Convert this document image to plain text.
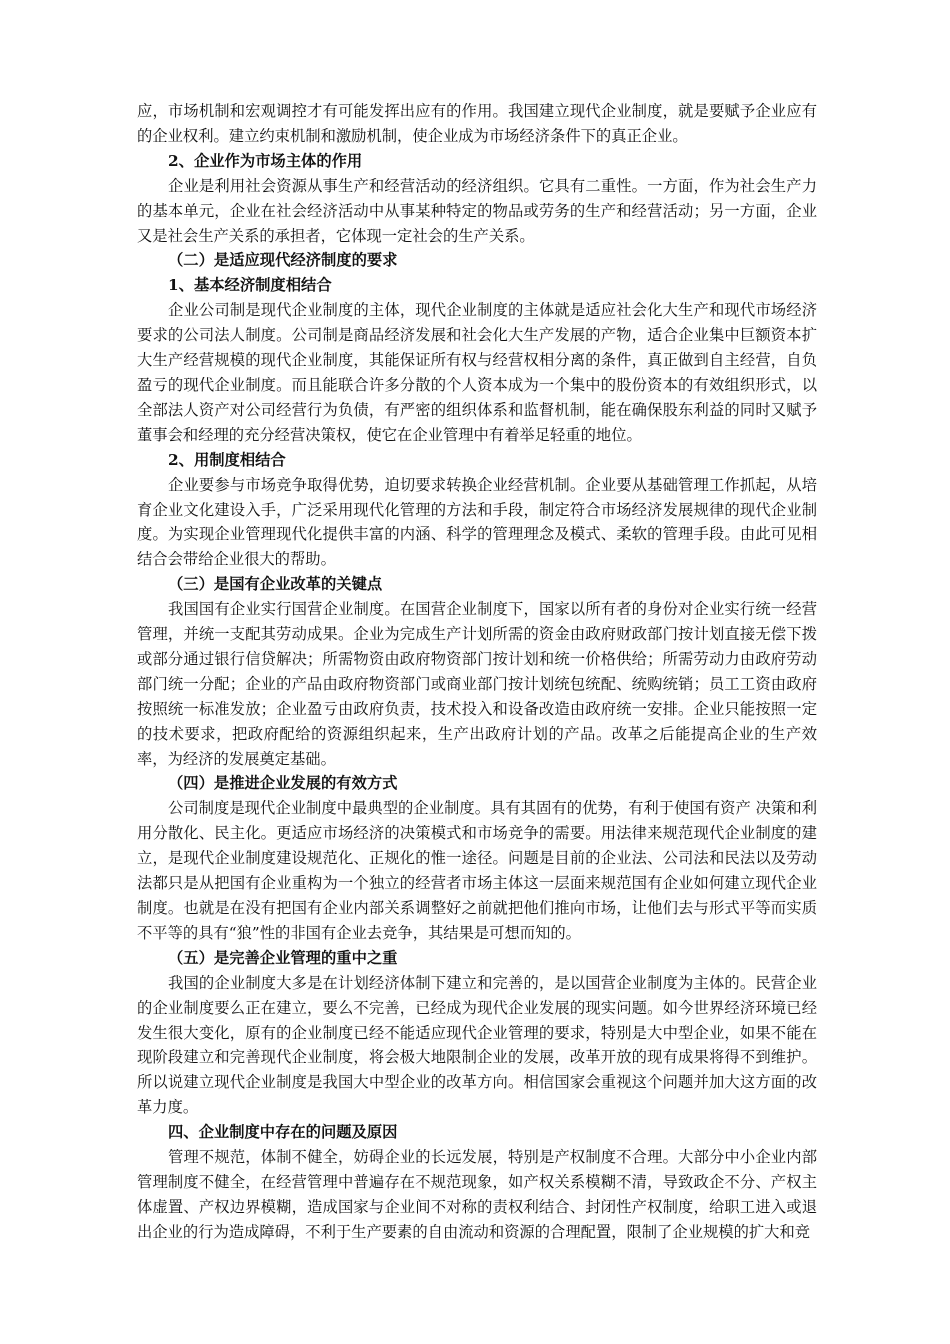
应，市场机制和宏观调控才有可能发挥出应有的作用。我国建立现代企业制度，就是要赋予企业应有的企业权利。建立约束机制和激励机制，使企业成为市场经济条件下的真正企业。

2、企业作为市场主体的作用

企业是利用社会资源从事生产和经营活动的经济组织。它具有二重性。一方面，作为社会生产力的基本单元，企业在社会经济活动中从事某种特定的物品或劳务的生产和经营活动；另一方面，企业又是社会生产关系的承担者，它体现一定社会的生产关系。

（二）是适应现代经济制度的要求

1、基本经济制度相结合

企业公司制是现代企业制度的主体，现代企业制度的主体就是适应社会化大生产和现代市场经济要求的公司法人制度。公司制是商品经济发展和社会化大生产发展的产物，适合企业集中巨额资本扩大生产经营规模的现代企业制度，其能保证所有权与经营权相分离的条件，真正做到自主经营，自负盈亏的现代企业制度。而且能联合许多分散的个人资本成为一个集中的股份资本的有效组织形式，以全部法人资产对公司经营行为负债，有严密的组织体系和监督机制，能在确保股东利益的同时又赋予董事会和经理的充分经营决策权，使它在企业管理中有着举足轻重的地位。

2、用制度相结合

企业要参与市场竞争取得优势，迫切要求转换企业经营机制。企业要从基础管理工作抓起，从培育企业文化建设入手，广泛采用现代化管理的方法和手段，制定符合市场经济发展规律的现代企业制度。为实现企业管理现代化提供丰富的内涵、科学的管理理念及模式、柔软的管理手段。由此可见相结合会带给企业很大的帮助。

（三）是国有企业改革的关键点

我国国有企业实行国营企业制度。在国营企业制度下，国家以所有者的身份对企业实行统一经营管理，并统一支配其劳动成果。企业为完成生产计划所需的资金由政府财政部门按计划直接无偿下拨或部分通过银行信贷解决；所需物资由政府物资部门按计划和统一价格供给；所需劳动力由政府劳动部门统一分配；企业的产品由政府物资部门或商业部门按计划统包统配、统购统销；员工工资由政府按照统一标准发放；企业盈亏由政府负责，技术投入和设备改造由政府统一安排。企业只能按照一定的技术要求，把政府配给的资源组织起来，生产出政府计划的产品。改革之后能提高企业的生产效率，为经济的发展奠定基础。

（四）是推进企业发展的有效方式

公司制度是现代企业制度中最典型的企业制度。具有其固有的优势，有利于使国有资产 决策和利用分散化、民主化。更适应市场经济的决策模式和市场竞争的需要。用法律来规范现代企业制度的建立，是现代企业制度建设规范化、正规化的惟一途径。问题是目前的企业法、公司法和民法以及劳动法都只是从把国有企业重构为一个独立的经营者市场主体这一层面来规范国有企业如何建立现代企业制度。也就是在没有把国有企业内部关系调整好之前就把他们推向市场，让他们去与形式平等而实质不平等的具有“狼”性的非国有企业去竞争，其结果是可想而知的。

（五）是完善企业管理的重中之重

我国的企业制度大多是在计划经济体制下建立和完善的，是以国营企业制度为主体的。民营企业的企业制度要么正在建立，要么不完善，已经成为现代企业发展的现实问题。如今世界经济环境已经发生很大变化，原有的企业制度已经不能适应现代企业管理的要求，特别是大中型企业，如果不能在现阶段建立和完善现代企业制度，将会极大地限制企业的发展，改革开放的现有成果将得不到维护。所以说建立现代企业制度是我国大中型企业的改革方向。相信国家会重视这个问题并加大这方面的改革力度。

四、企业制度中存在的问题及原因

管理不规范，体制不健全，妨碍企业的长远发展，特别是产权制度不合理。大部分中小企业内部管理制度不健全，在经营管理中普遍存在不规范现象，如产权关系模糊不清，导致政企不分、产权主体虚置、产权边界模糊，造成国家与企业间不对称的责权利结合、封闭性产权制度，给职工进入或退出企业的行为造成障碍，不利于生产要素的自由流动和资源的合理配置，限制了企业规模的扩大和竞
